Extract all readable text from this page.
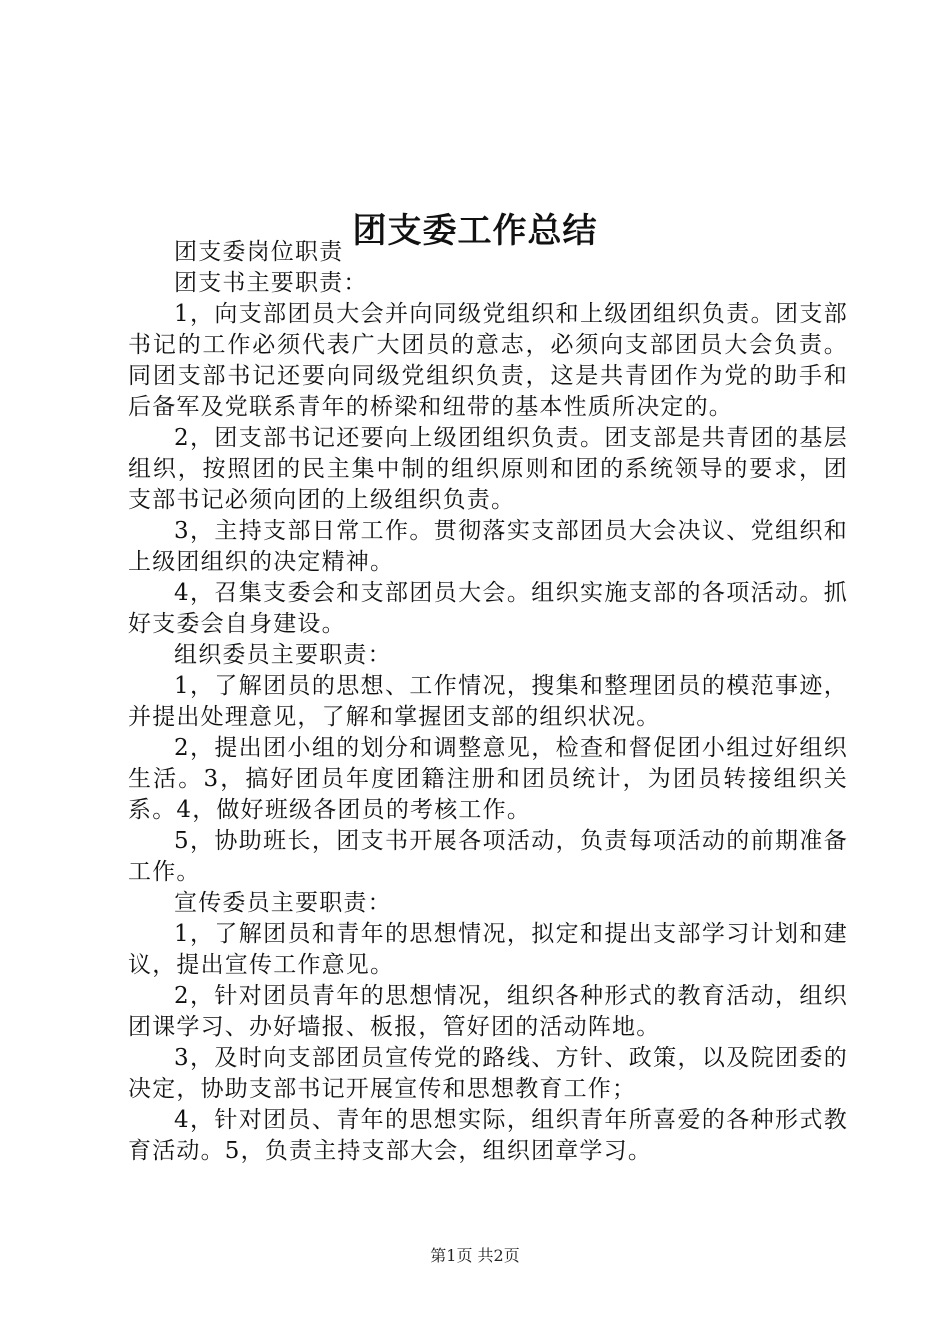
团支委工作总结

团支委岗位职责

团支书主要职责：

1，向支部团员大会并向同级党组织和上级团组织负责。团支部书记的工作必须代表广大团员的意志，必须向支部团员大会负责。同团支部书记还要向同级党组织负责，这是共青团作为党的助手和后备军及党联系青年的桥梁和纽带的基本性质所决定的。

2，团支部书记还要向上级团组织负责。团支部是共青团的基层组织，按照团的民主集中制的组织原则和团的系统领导的要求，团支部书记必须向团的上级组织负责。

3，主持支部日常工作。贯彻落实支部团员大会决议、党组织和上级团组织的决定精神。

4，召集支委会和支部团员大会。组织实施支部的各项活动。抓好支委会自身建设。

组织委员主要职责：

1，了解团员的思想、工作情况，搜集和整理团员的模范事迹，并提出处理意见，了解和掌握团支部的组织状况。

2，提出团小组的划分和调整意见，检查和督促团小组过好组织生活。3，搞好团员年度团籍注册和团员统计，为团员转接组织关系。4，做好班级各团员的考核工作。

5，协助班长，团支书开展各项活动，负责每项活动的前期准备工作。

宣传委员主要职责：

1，了解团员和青年的思想情况，拟定和提出支部学习计划和建议，提出宣传工作意见。

2，针对团员青年的思想情况，组织各种形式的教育活动，组织团课学习、办好墙报、板报，管好团的活动阵地。

3，及时向支部团员宣传党的路线、方针、政策，以及院团委的决定，协助支部书记开展宣传和思想教育工作；

4，针对团员、青年的思想实际，组织青年所喜爱的各种形式教育活动。5，负责主持支部大会，组织团章学习。

第1页 共2页
